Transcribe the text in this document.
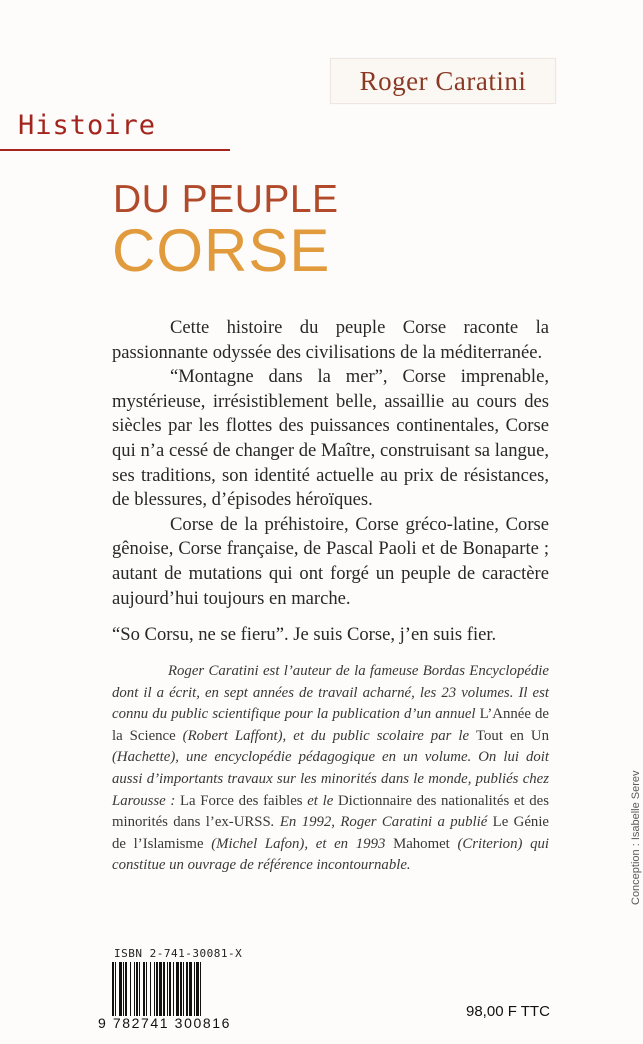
Roger Caratini
Histoire
DU PEUPLE
CORSE

Cette histoire du peuple Corse raconte la passionnante odyssée des civilisations de la méditerranée.

“Montagne dans la mer”, Corse imprenable, mystérieuse, irrésistiblement belle, assaillie au cours des siècles par les flottes des puissances continentales, Corse qui n’a cessé de changer de Maître, construisant sa langue, ses traditions, son identité actuelle au prix de résistances, de blessures, d’épisodes héroïques.

Corse de la préhistoire, Corse gréco-latine, Corse gênoise, Corse française, de Pascal Paoli et de Bonaparte ; autant de mutations qui ont forgé un peuple de caractère aujourd’hui toujours en marche.

“So Corsu, ne se fieru”. Je suis Corse, j’en suis fier.

Roger Caratini est l’auteur de la fameuse Bordas Encyclopédie dont il a écrit, en sept années de travail acharné, les 23 volumes. Il est connu du public scientifique pour la publication d’un annuel L’Année de la Science (Robert Laffont), et du public scolaire par le Tout en Un (Hachette), une encyclopédie pédagogique en un volume. On lui doit aussi d’importants travaux sur les minorités dans le monde, publiés chez Larousse : La Force des faibles et le Dictionnaire des nationalités et des minorités dans l’ex-URSS. En 1992, Roger Caratini a publié Le Génie de l’Islamisme (Michel Lafon), et en 1993 Mahomet (Criterion) qui constitue un ouvrage de référence incontournable.

ISBN 2-741-30081-X
9 782741 300816
98,00 F TTC
Conception : Isabelle Serev
